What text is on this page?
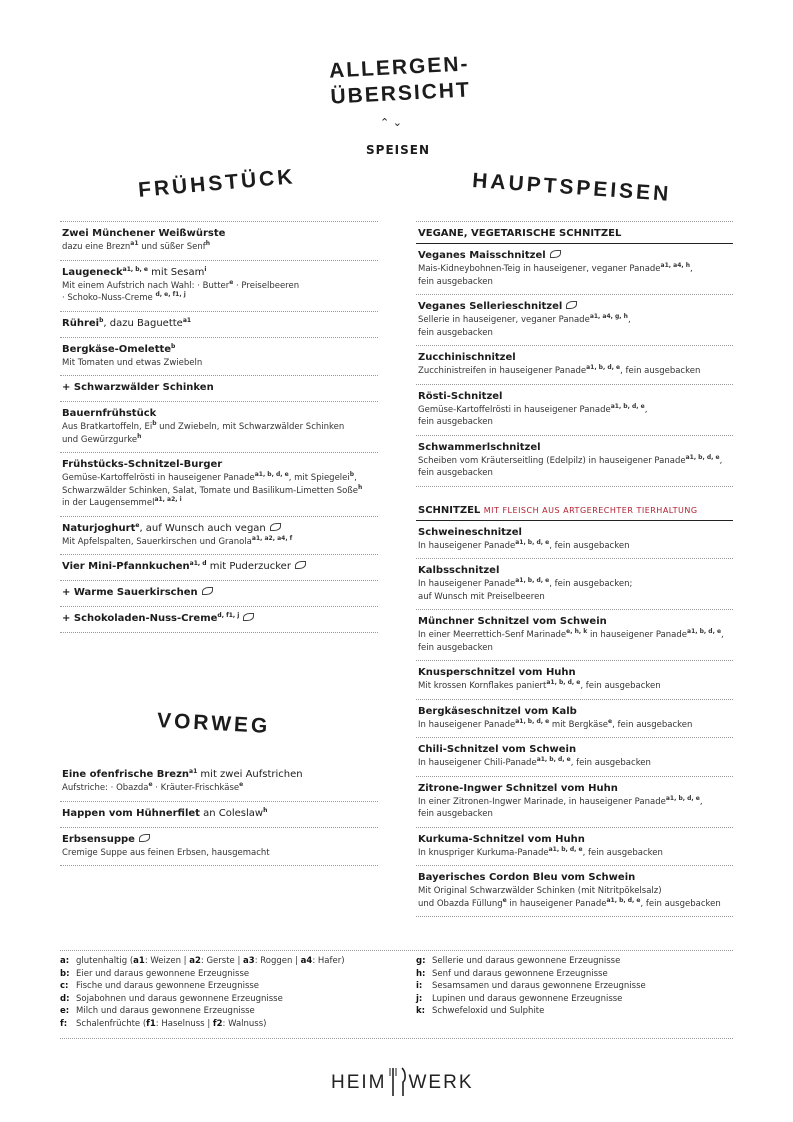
ALLERGEN-
ÜBERSICHT
⌃ ⌄
SPEISEN
FRÜHSTÜCK	HAUPTSPEISEN
VORWEG
Zwei Münchener Weißwürste
dazu eine Brezn$^{a1}$ und süßer Senf$^h$
Laugeneck$^{a1, b, e}$ mit Sesam$^i$
Mit einem Aufstrich nach Wahl: · Butter$^e$ · Preiselbeeren
· Schoko-Nuss-Creme $^{d, e, f1, j}$
Rührei$^b$, dazu Baguette$^{a1}$
Bergkäse-Omelette$^b$
Mit Tomaten und etwas Zwiebeln
+ Schwarzwälder Schinken
Bauernfrühstück
Aus Bratkartoffeln, Ei$^b$ und Zwiebeln, mit Schwarzwälder Schinken
und Gewürzgurke$^h$
Frühstücks-Schnitzel-Burger
Gemüse-Kartoffelrösti in hauseigener Panade$^{a1, b, d, e}$, mit Spiegelei$^b$,
Schwarzwälder Schinken, Salat, Tomate und Basilikum-Limetten Soße$^h$
in der Laugensemmel$^{a1, a2, i}$
Naturjoghurt$^e$, auf Wunsch auch vegan
Mit Apfelspalten, Sauerkirschen und Granola$^{a1, a2, a4, f}$
Vier Mini-Pfannkuchen$^{a1, d}$ mit Puderzucker
+ Warme Sauerkirschen
+ Schokoladen-Nuss-Creme$^{d, f1, j}$
Eine ofenfrische Brezn$^{a1}$ mit zwei Aufstrichen
Aufstriche: · Obazda$^e$ · Kräuter-Frischkäse$^e$
Happen vom Hühnerfilet an Coleslaw$^h$
Erbsensuppe
Cremige Suppe aus feinen Erbsen, hausgemacht
VEGANE, VEGETARISCHE SCHNITZEL
Veganes Maisschnitzel
Mais-Kidneybohnen-Teig in hauseigener, veganer Panade$^{a1, a4, h}$,
fein ausgebacken
Veganes Sellerieschnitzel
Sellerie in hauseigener, veganer Panade$^{a1, a4, g, h}$,
fein ausgebacken
Zucchinischnitzel
Zucchinistreifen in hauseigener Panade$^{a1, b, d, e}$, fein ausgebacken
Rösti-Schnitzel
Gemüse-Kartoffelrösti in hauseigener Panade$^{a1, b, d, e}$,
fein ausgebacken
Schwammerlschnitzel
Scheiben vom Kräuterseitling (Edelpilz) in hauseigener Panade$^{a1, b, d, e}$,
fein ausgebacken
SCHNITZEL MIT FLEISCH AUS ARTGERECHTER TIERHALTUNG
Schweineschnitzel
In hauseigener Panade$^{a1, b, d, e}$, fein ausgebacken
Kalbsschnitzel
In hauseigener Panade$^{a1, b, d, e}$, fein ausgebacken;
auf Wunsch mit Preiselbeeren
Münchner Schnitzel vom Schwein
In einer Meerrettich-Senf Marinade$^{e, h, k}$ in hauseigener Panade$^{a1, b, d, e}$,
fein ausgebacken
Knusperschnitzel vom Huhn
Mit krossen Kornflakes paniert$^{a1, b, d, e}$, fein ausgebacken
Bergkäseschnitzel vom Kalb
In hauseigener Panade$^{a1, b, d, e}$ mit Bergkäse$^e$, fein ausgebacken
Chili-Schnitzel vom Schwein
In hauseigener Chili-Panade$^{a1, b, d, e}$, fein ausgebacken
Zitrone-Ingwer Schnitzel vom Huhn
In einer Zitronen-Ingwer Marinade, in hauseigener Panade$^{a1, b, d, e}$,
fein ausgebacken
Kurkuma-Schnitzel vom Huhn
In knuspriger Kurkuma-Panade$^{a1, b, d, e}$, fein ausgebacken
Bayerisches Cordon Bleu vom Schwein
Mit Original Schwarzwälder Schinken (mit Nitritpökelsalz)
und Obazda Füllung$^e$ in hauseigener Panade$^{a1, b, d, e}$, fein ausgebacken
a: glutenhaltig (a1: Weizen | a2: Gerste | a3: Roggen | a4: Hafer)
b: Eier und daraus gewonnene Erzeugnisse
c: Fische und daraus gewonnene Erzeugnisse
d: Sojabohnen und daraus gewonnene Erzeugnisse
e: Milch und daraus gewonnene Erzeugnisse
f: Schalenfrüchte (f1: Haselnuss | f2: Walnuss)
g: Sellerie und daraus gewonnene Erzeugnisse
h: Senf und daraus gewonnene Erzeugnisse
i: Sesamsamen und daraus gewonnene Erzeugnisse
j: Lupinen und daraus gewonnene Erzeugnisse
k: Schwefeloxid und Sulphite
HEIM WERK
